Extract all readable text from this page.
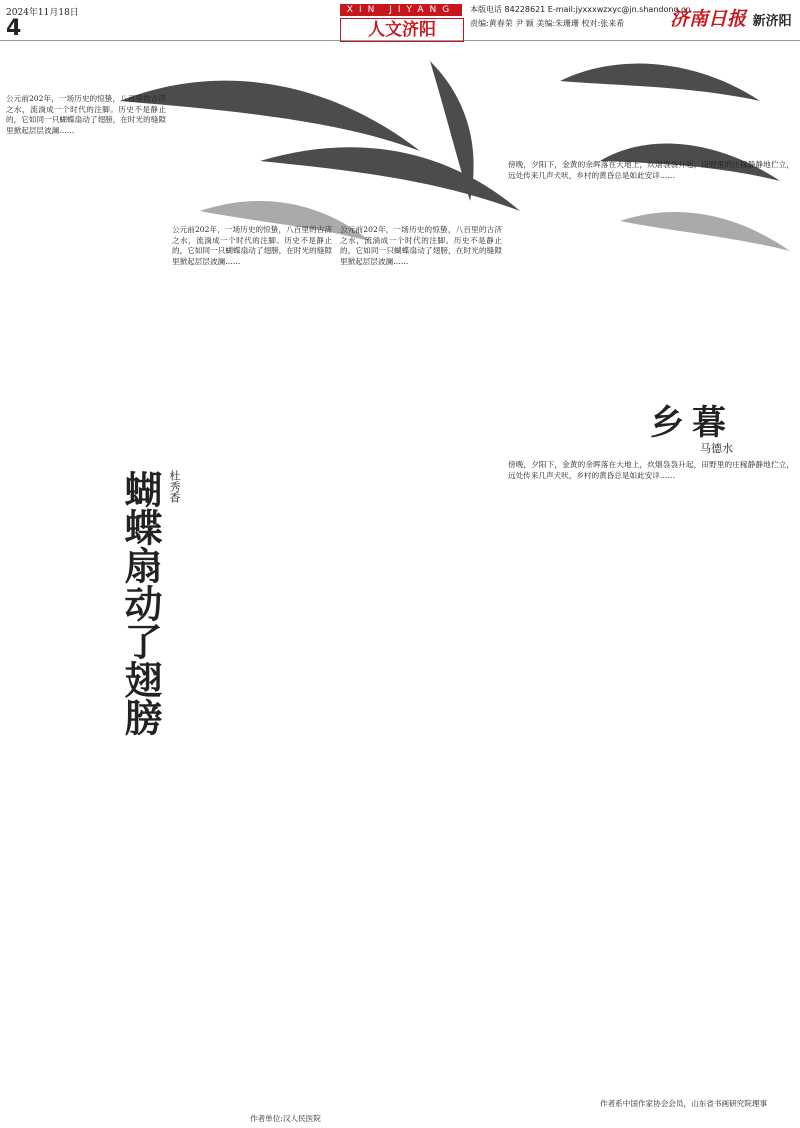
2024年11月18日
4
XIN JIYANG
人文济阳
本版电话 84228621 E-mail:jyxxxwzxyc@jn.shandong.cn
责编:黄春荣 尹 颖 美编:朱珊珊 校对:张来希 济南日报 新济阳
公元前202年，一场历史的惊蛰，八百里的古济之水，流淌成一个时代的注脚。历史不是静止的，它如同一只蝴蝶扇动了翅膀，在时光的缝隙里掀起层层波澜……
公元前202年，一场历史的惊蛰，八百里的古济之水，流淌成一个时代的注脚。历史不是静止的，它如同一只蝴蝶扇动了翅膀，在时光的缝隙里掀起层层波澜……
公元前202年，一场历史的惊蛰，八百里的古济之水，流淌成一个时代的注脚。历史不是静止的，它如同一只蝴蝶扇动了翅膀，在时光的缝隙里掀起层层波澜……
蝴蝶扇动了翅膀 杜秀香
作者单位:汉人民医院
傍晚，夕阳下，金黄的余晖落在大地上，炊烟袅袅升起，田野里的庄稼静静地伫立，远处传来几声犬吠，乡村的黄昏总是如此安详……
乡暮
马德水
傍晚，夕阳下，金黄的余晖落在大地上，炊烟袅袅升起，田野里的庄稼静静地伫立，远处传来几声犬吠，乡村的黄昏总是如此安详……
作者系中国作家协会会员，山东省书画研究院理事
